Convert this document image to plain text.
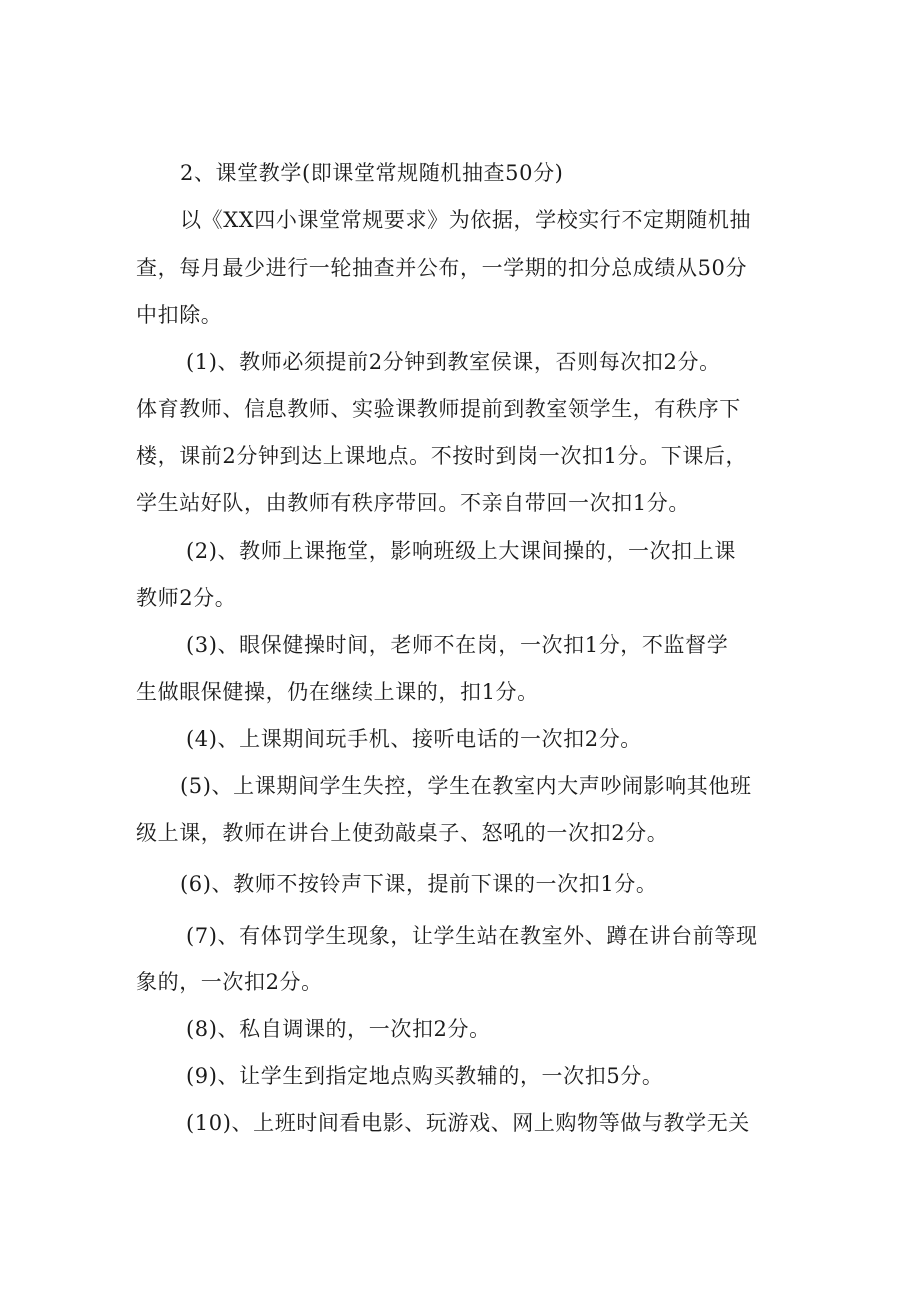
2、课堂教学(即课堂常规随机抽查50分)
以《XX四小课堂常规要求》为依据，学校实行不定期随机抽
查，每月最少进行一轮抽查并公布，一学期的扣分总成绩从50分
中扣除。
(1)、教师必须提前2分钟到教室侯课，否则每次扣2分。
体育教师、信息教师、实验课教师提前到教室领学生，有秩序下
楼，课前2分钟到达上课地点。不按时到岗一次扣1分。下课后，
学生站好队，由教师有秩序带回。不亲自带回一次扣1分。
(2)、教师上课拖堂，影响班级上大课间操的，一次扣上课
教师2分。
(3)、眼保健操时间，老师不在岗，一次扣1分，不监督学
生做眼保健操，仍在继续上课的，扣1分。
(4)、上课期间玩手机、接听电话的一次扣2分。
(5)、上课期间学生失控，学生在教室内大声吵闹影响其他班
级上课，教师在讲台上使劲敲桌子、怒吼的一次扣2分。
(6)、教师不按铃声下课，提前下课的一次扣1分。
(7)、有体罚学生现象，让学生站在教室外、蹲在讲台前等现
象的，一次扣2分。
(8)、私自调课的，一次扣2分。
(9)、让学生到指定地点购买教辅的，一次扣5分。
(10)、上班时间看电影、玩游戏、网上购物等做与教学无关
